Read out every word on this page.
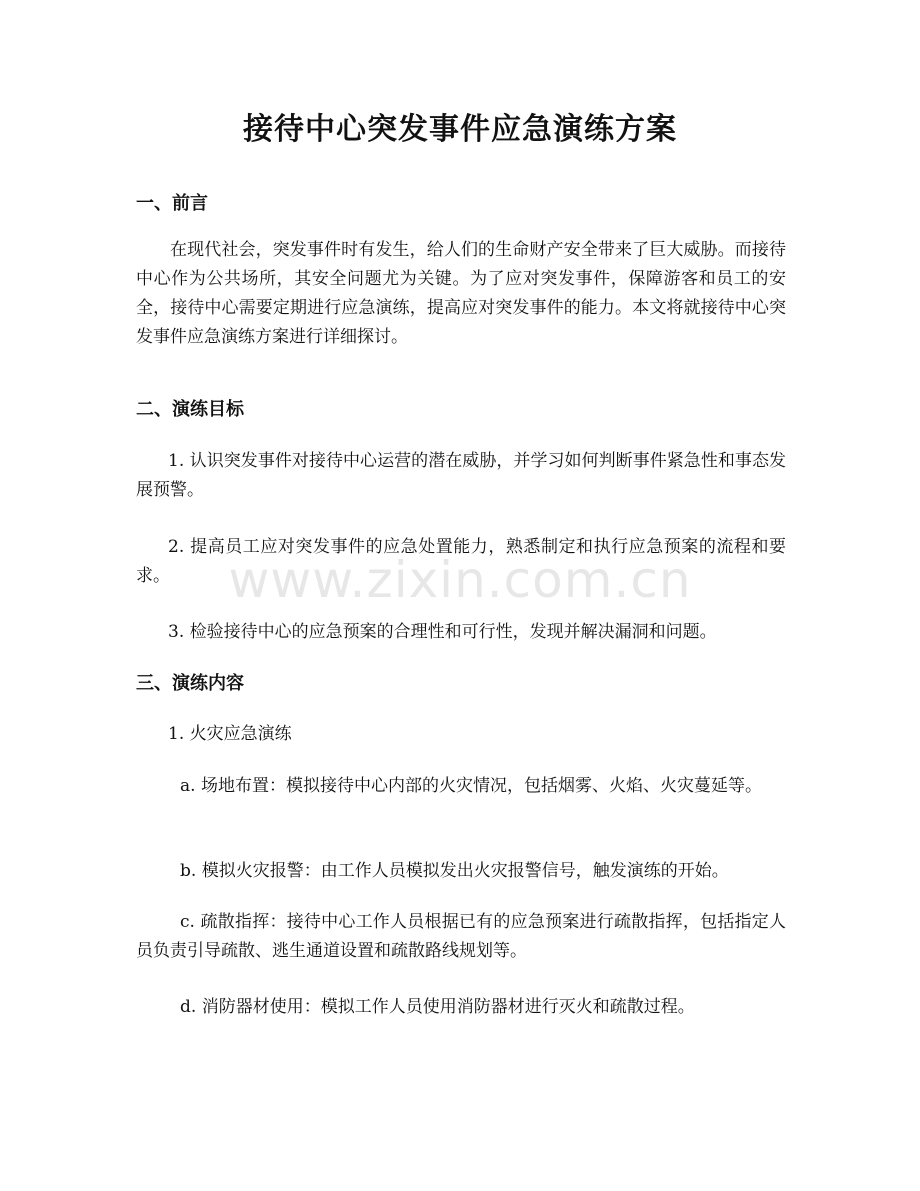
接待中心突发事件应急演练方案
一、前言

在现代社会，突发事件时有发生，给人们的生命财产安全带来了巨大威胁。而接待中心作为公共场所，其安全问题尤为关键。为了应对突发事件，保障游客和员工的安全，接待中心需要定期进行应急演练，提高应对突发事件的能力。本文将就接待中心突发事件应急演练方案进行详细探讨。

二、演练目标

1. 认识突发事件对接待中心运营的潜在威胁，并学习如何判断事件紧急性和事态发展预警。

2. 提高员工应对突发事件的应急处置能力，熟悉制定和执行应急预案的流程和要求。

3. 检验接待中心的应急预案的合理性和可行性，发现并解决漏洞和问题。

三、演练内容

1. 火灾应急演练

a. 场地布置：模拟接待中心内部的火灾情况，包括烟雾、火焰、火灾蔓延等。

b. 模拟火灾报警：由工作人员模拟发出火灾报警信号，触发演练的开始。

c. 疏散指挥：接待中心工作人员根据已有的应急预案进行疏散指挥，包括指定人员负责引导疏散、逃生通道设置和疏散路线规划等。

d. 消防器材使用：模拟工作人员使用消防器材进行灭火和疏散过程。

www.zixin.com.cn
